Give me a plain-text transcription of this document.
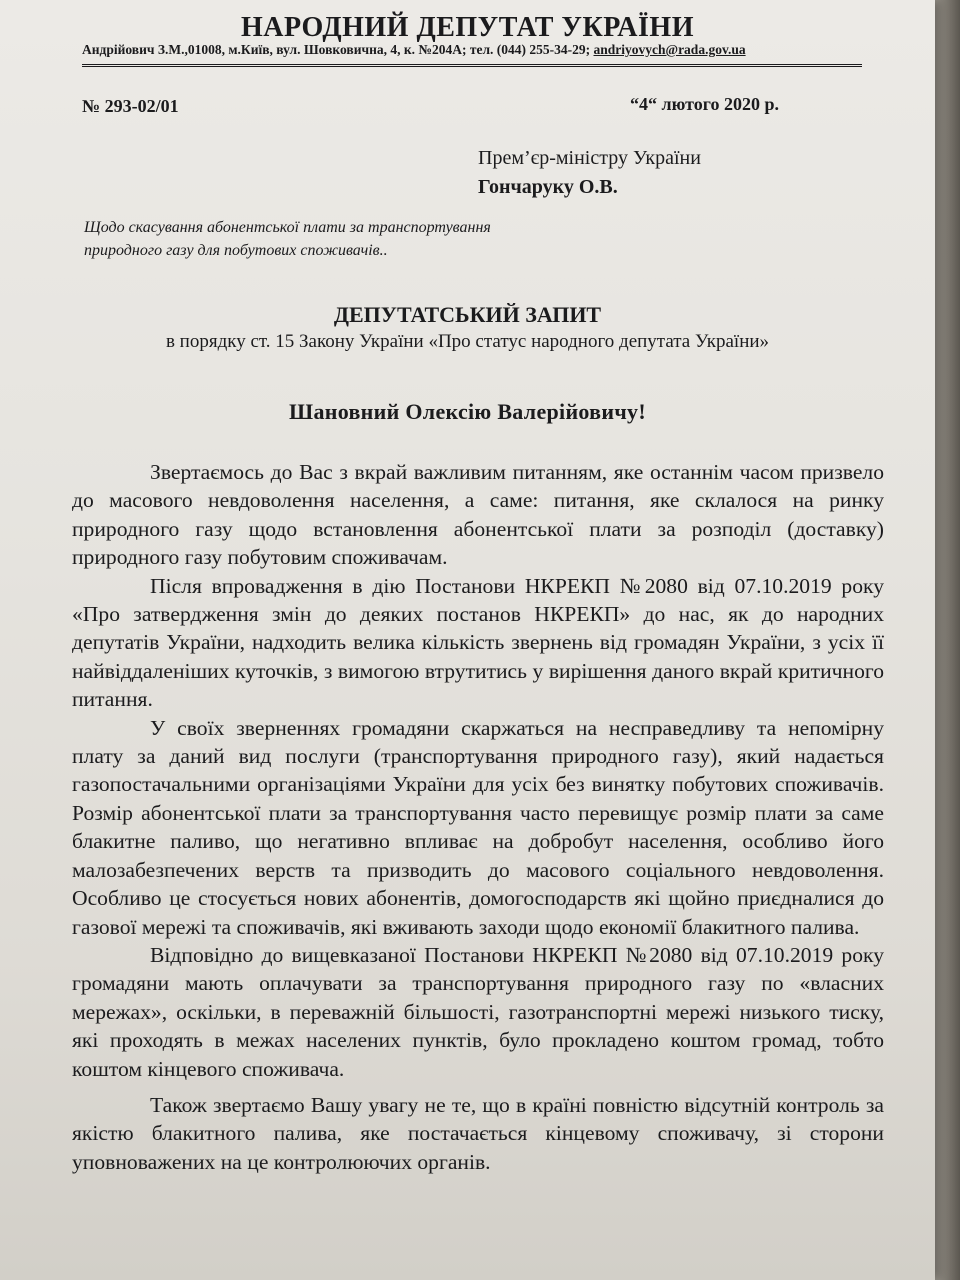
НАРОДНИЙ ДЕПУТАТ УКРАЇНИ
Андрійович З.М.,01008, м.Київ, вул. Шовковична, 4, к. №204А; тел. (044) 255-34-29; andriyovych@rada.gov.ua
№ 293-02/01	“4“ лютого 2020 р.
Прем’єр-міністру України
Гончаруку О.В.
Щодо скасування абонентської плати за транспортування природного газу для побутових споживачів..
ДЕПУТАТСЬКИЙ ЗАПИТ
в порядку ст. 15 Закону України «Про статус народного депутата України»
Шановний Олексію Валерійовичу!

Звертаємось до Вас з вкрай важливим питанням, яке останнім часом призвело до масового невдоволення населення, а саме: питання, яке склалося на ринку природного газу щодо встановлення абонентської плати за розподіл (доставку) природного газу побутовим споживачам.

Після впровадження в дію Постанови НКРЕКП №2080 від 07.10.2019 року «Про затвердження змін до деяких постанов НКРЕКП» до нас, як до народних депутатів України, надходить велика кількість звернень від громадян України, з усіх її найвіддаленіших куточків, з вимогою втрутитись у вирішення даного вкрай критичного питання.

У своїх зверненнях громадяни скаржаться на несправедливу та непомірну плату за даний вид послуги (транспортування природного газу), який надається газопостачальними організаціями України для усіх без винятку побутових споживачів. Розмір абонентської плати за транспортування часто перевищує розмір плати за саме блакитне паливо, що негативно впливає на добробут населення, особливо його малозабезпечених верств та призводить до масового соціального невдоволення. Особливо це стосується нових абонентів, домогосподарств які щойно приєдналися до газової мережі та споживачів, які вживають заходи щодо економії блакитного палива.

Відповідно до вищевказаної Постанови НКРЕКП №2080 від 07.10.2019 року громадяни мають оплачувати за транспортування природного газу по «власних мережах», оскільки, в переважній більшості, газотранспортні мережі низького тиску, які проходять в межах населених пунктів, було прокладено коштом громад, тобто коштом кінцевого споживача.

Також звертаємо Вашу увагу не те, що в країні повністю відсутній контроль за якістю блакитного палива, яке постачається кінцевому споживачу, зі сторони уповноважених на це контролюючих органів.
